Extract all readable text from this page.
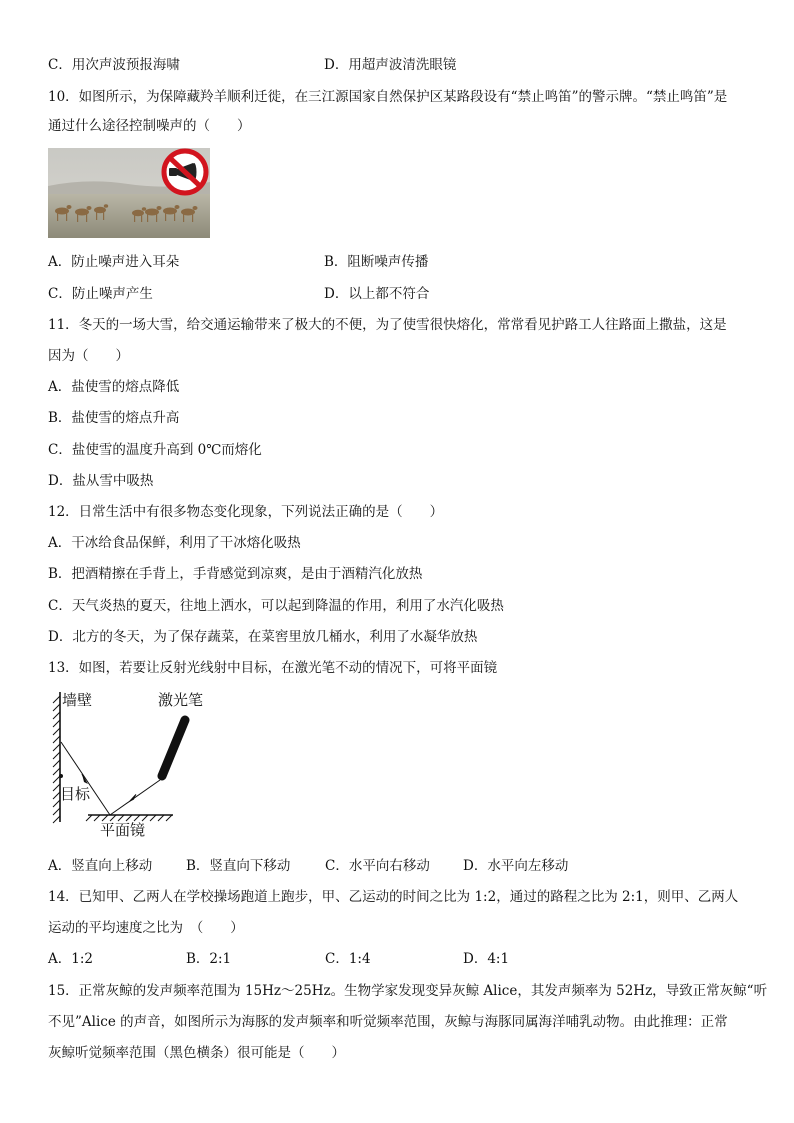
C．用次声波预报海啸	D．用超声波清洗眼镜
10．如图所示，为保障藏羚羊顺利迁徙，在三江源国家自然保护区某路段设有“禁止鸣笛”的警示牌。“禁止鸣笛”是
通过什么途径控制噪声的（　　）
A．防止噪声进入耳朵	B．阻断噪声传播
C．防止噪声产生	D．以上都不符合
11．冬天的一场大雪，给交通运输带来了极大的不便，为了使雪很快熔化，常常看见护路工人往路面上撒盐，这是
因为（　　）
A．盐使雪的熔点降低
B．盐使雪的熔点升高
C．盐使雪的温度升高到 0℃而熔化
D．盐从雪中吸热
12．日常生活中有很多物态变化现象，下列说法正确的是（　　）
A．干冰给食品保鲜，利用了干冰熔化吸热
B．把酒精擦在手背上，手背感觉到凉爽，是由于酒精汽化放热
C．天气炎热的夏天，往地上洒水，可以起到降温的作用，利用了水汽化吸热
D．北方的冬天，为了保存蔬菜，在菜窖里放几桶水，利用了水凝华放热
13．如图，若要让反射光线射中目标，在激光笔不动的情况下，可将平面镜
墙壁	激光笔
目标
平面镜
A．竖直向上移动	B．竖直向下移动	C．水平向右移动 D．水平向左移动
14．已知甲、乙两人在学校操场跑道上跑步，甲、乙运动的时间之比为 1:2，通过的路程之比为 2:1，则甲、乙两人
运动的平均速度之比为　（　　）
A．1:2	B．2:1	C．1:4	D．4:1
15．正常灰鲸的发声频率范围为 15Hz～25Hz。生物学家发现变异灰鲸 Alice，其发声频率为 52Hz，导致正常灰鲸“听
不见”Alice 的声音，如图所示为海豚的发声频率和听觉频率范围，灰鲸与海豚同属海洋哺乳动物。由此推理：正常
灰鲸听觉频率范围（黑色横条）很可能是（　　）
